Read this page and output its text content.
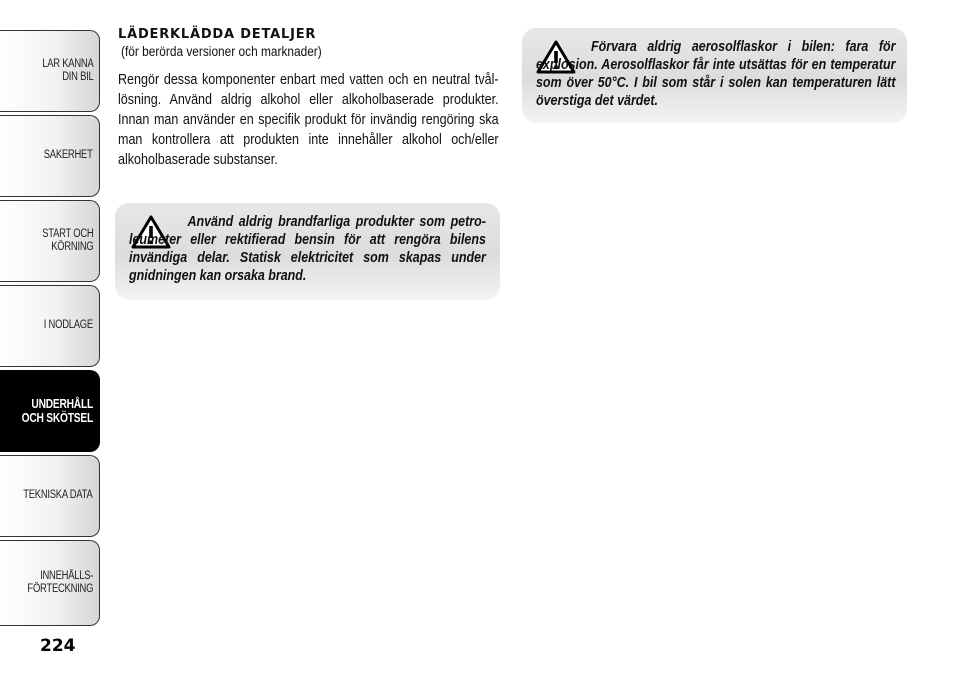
LÄR KÄNNA
DIN BIL
SÄKERHET
START OCH
KÖRNING
I NÖDLÄGE
UNDERHÅLL
OCH SKÖTSEL
TEKNISKA DATA
INNEHÅLLS-
FÖRTECKNING
224
LÄDERKLÄDDA DETALJER
(för berörda versioner och marknader)
Rengör dessa komponenter enbart med vatten och en neutral tvål-lösning. Använd aldrig alkohol eller alkoholbaserade produkter. Innan man använder en specifik produkt för invändig rengöring ska man kontrollera att produkten inte innehåller alkohol och/eller alkoholbaserade substanser.
Använd aldrig brandfarliga produkter som petro-leumeter eller rektifierad bensin för att rengöra bilens invändiga delar. Statisk elektricitet som skapas under gnidningen kan orsaka brand.
Förvara aldrig aerosolflaskor i bilen: fara för explosion. Aerosolflaskor får inte utsättas för en temperatur som över 50°C. I bil som står i solen kan temperaturen lätt överstiga det värdet.
